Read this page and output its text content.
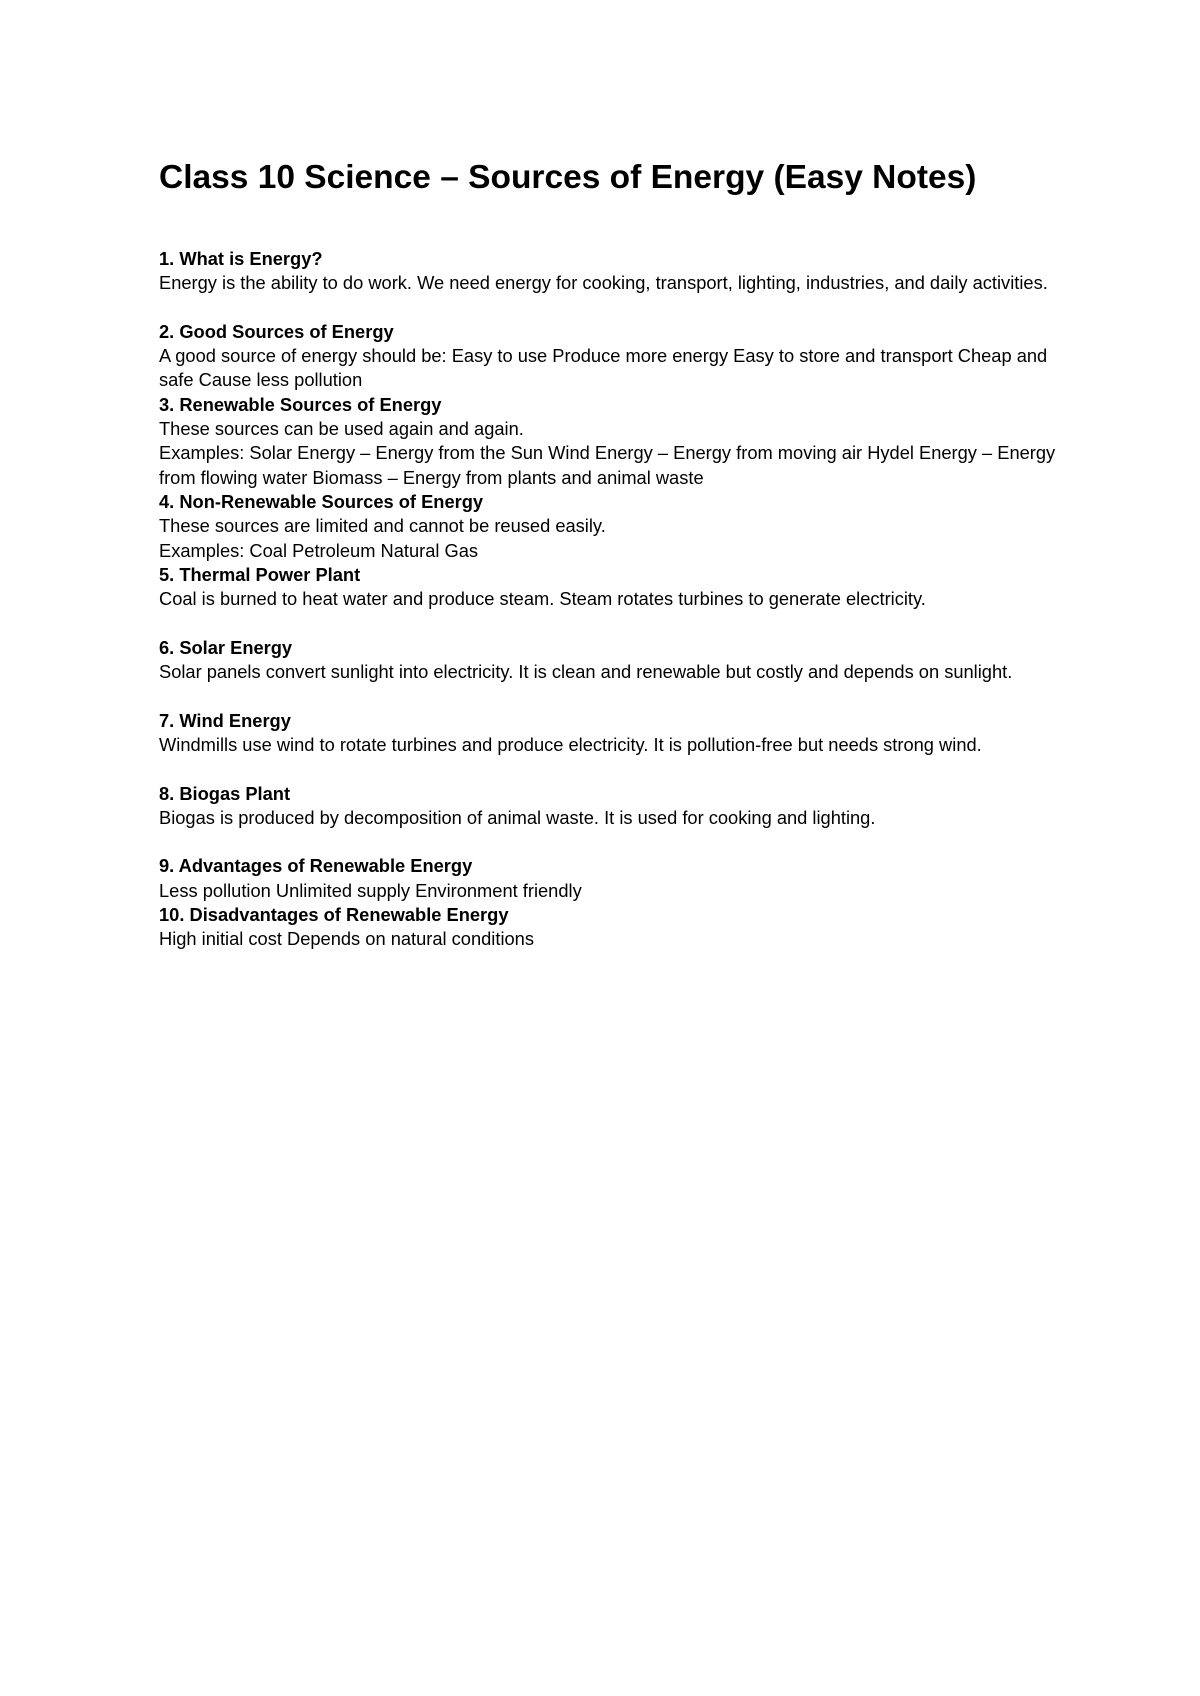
Class 10 Science – Sources of Energy (Easy Notes)

1. What is Energy?

Energy is the ability to do work. We need energy for cooking, transport, lighting, industries, and daily activities.

2. Good Sources of Energy

A good source of energy should be: Easy to use Produce more energy Easy to store and transport Cheap and safe Cause less pollution

3. Renewable Sources of Energy

These sources can be used again and again.

Examples: Solar Energy – Energy from the Sun Wind Energy – Energy from moving air Hydel Energy – Energy from flowing water Biomass – Energy from plants and animal waste

4. Non-Renewable Sources of Energy

These sources are limited and cannot be reused easily.

Examples: Coal Petroleum Natural Gas

5. Thermal Power Plant

Coal is burned to heat water and produce steam. Steam rotates turbines to generate electricity.

6. Solar Energy

Solar panels convert sunlight into electricity. It is clean and renewable but costly and depends on sunlight.

7. Wind Energy

Windmills use wind to rotate turbines and produce electricity. It is pollution-free but needs strong wind.

8. Biogas Plant

Biogas is produced by decomposition of animal waste. It is used for cooking and lighting.

9. Advantages of Renewable Energy

Less pollution Unlimited supply Environment friendly

10. Disadvantages of Renewable Energy

High initial cost Depends on natural conditions
